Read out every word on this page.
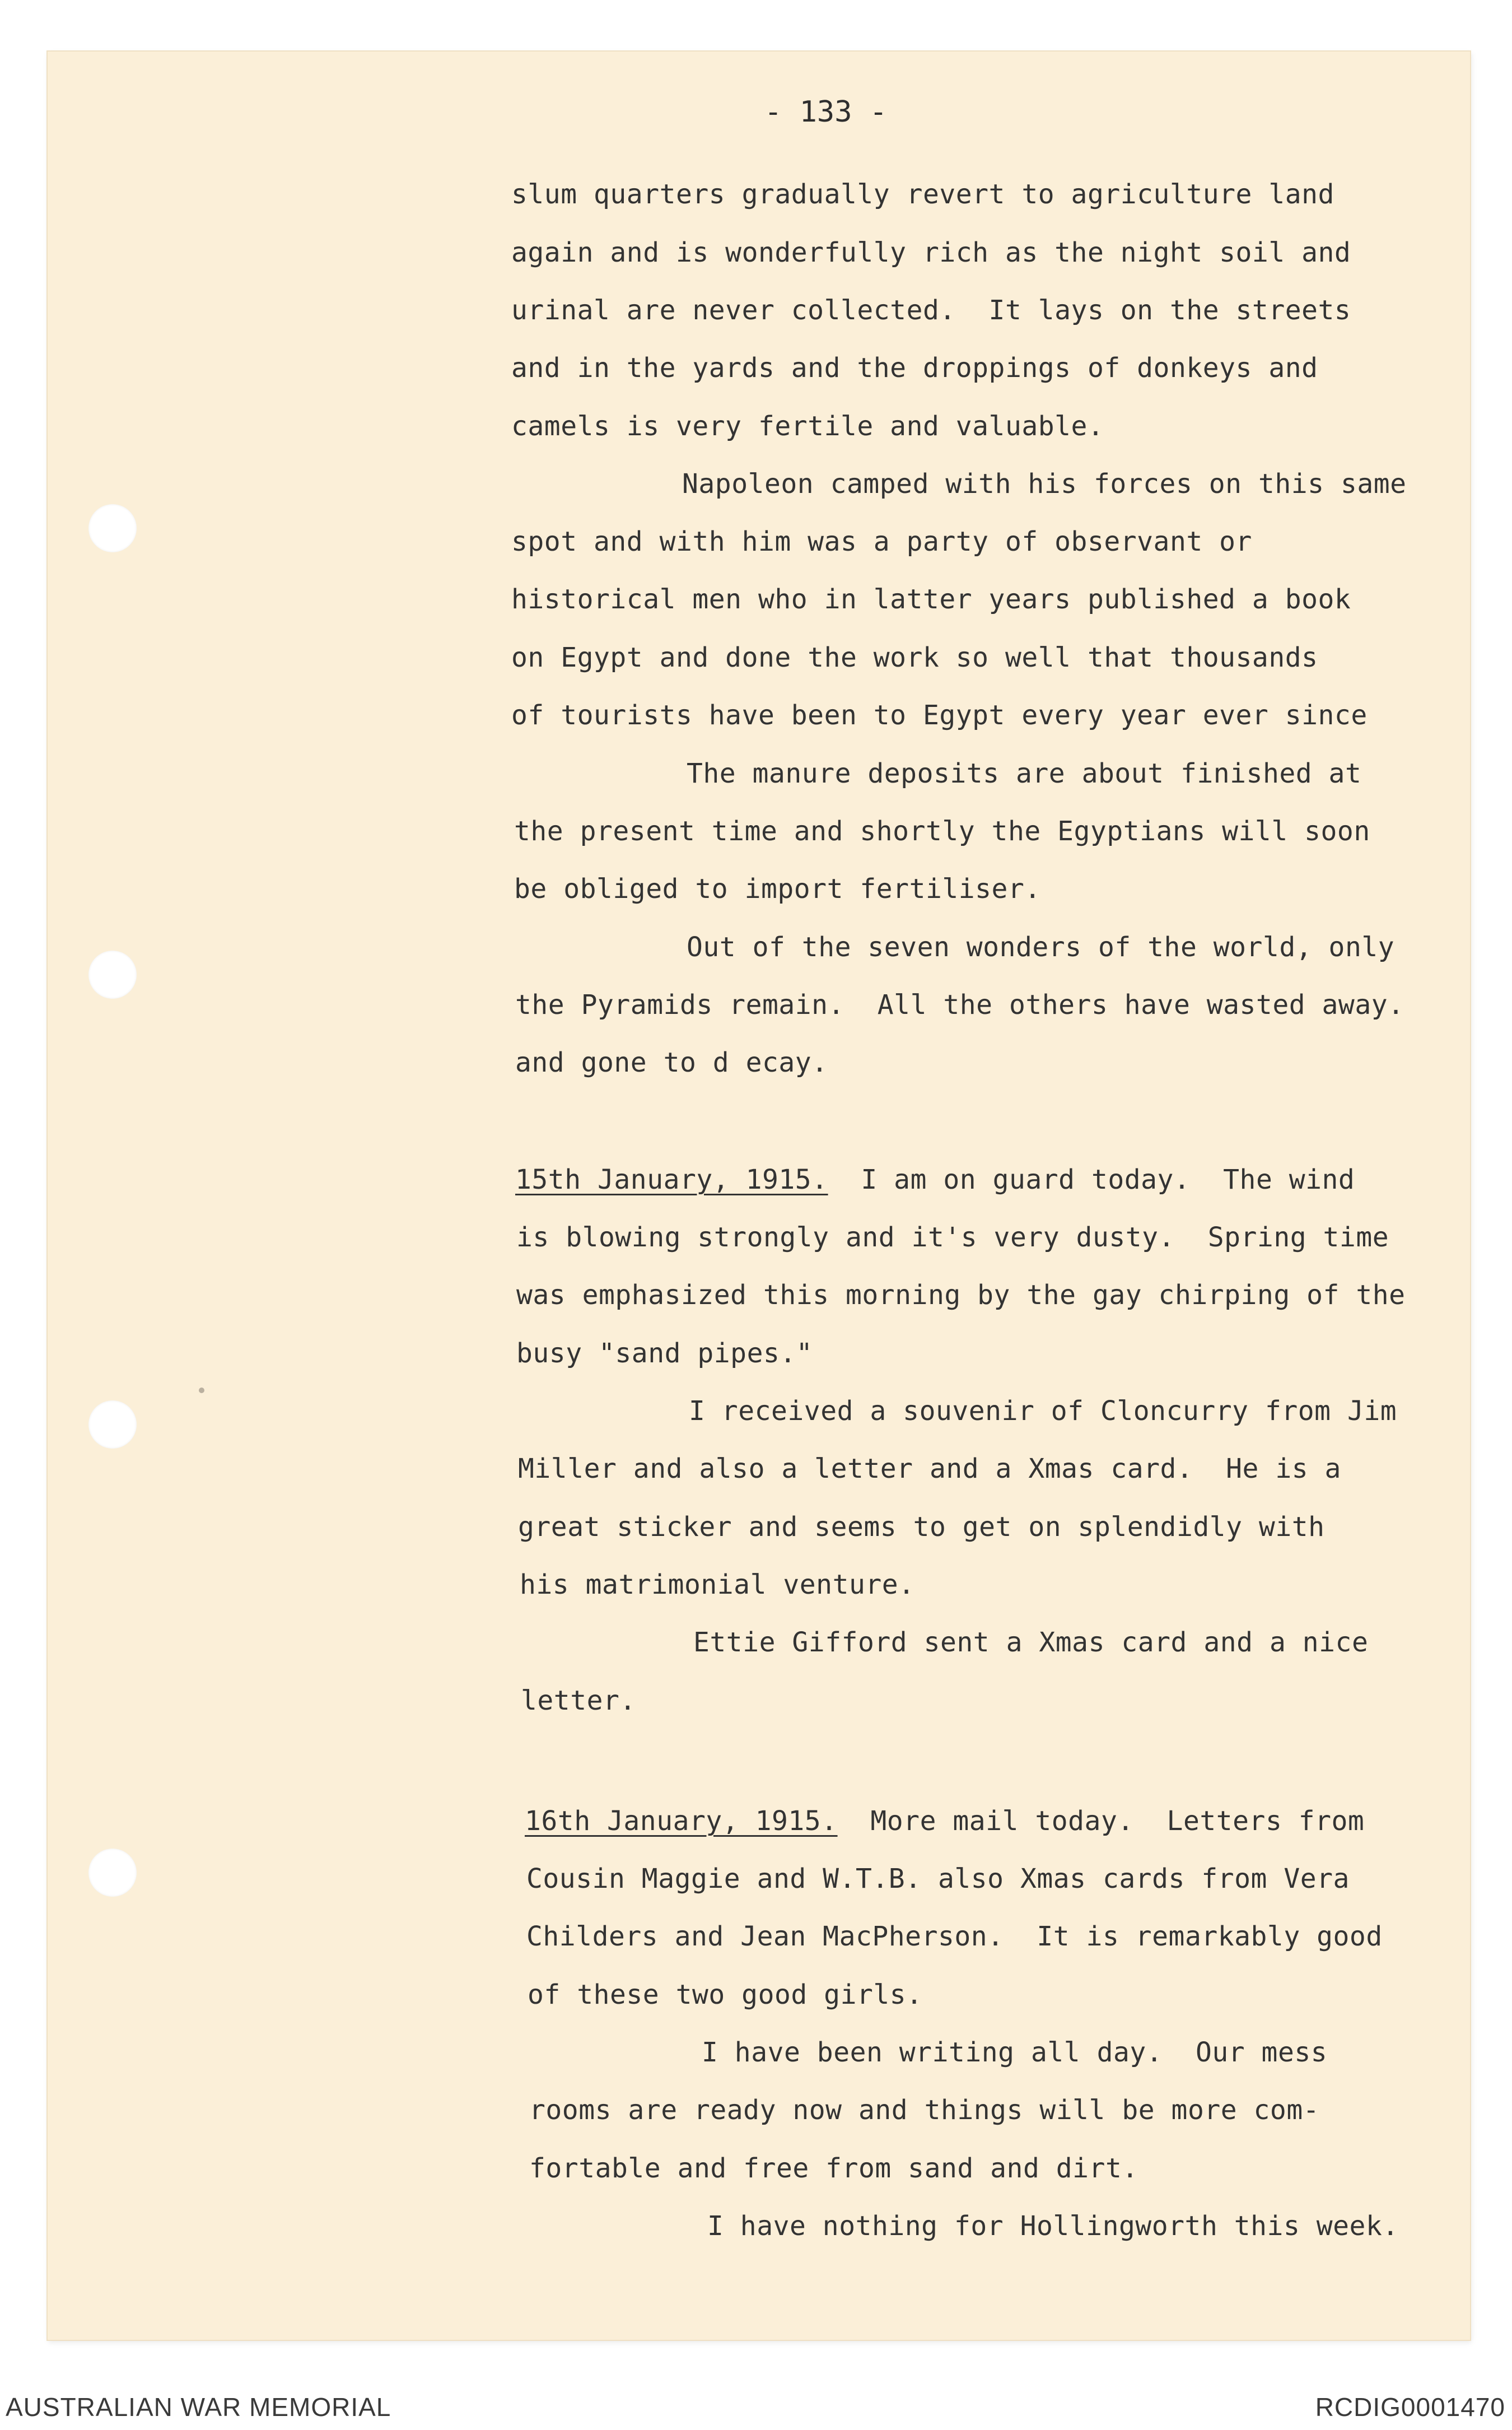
- 133 -
slum quarters gradually revert to agriculture land
again and is wonderfully rich as the night soil and
urinal are never collected.  It lays on the streets
and in the yards and the droppings of donkeys and
camels is very fertile and valuable.
Napoleon camped with his forces on this same
spot and with him was a party of observant or
historical men who in latter years published a book
on Egypt and done the work so well that thousands
of tourists have been to Egypt every year ever since
The manure deposits are about finished at
the present time and shortly the Egyptians will soon
be obliged to import fertiliser.
Out of the seven wonders of the world, only
the Pyramids remain.  All the others have wasted away.
and gone to d ecay.
15th January, 1915. I am on guard today.  The wind
is blowing strongly and it's very dusty.  Spring time
was emphasized this morning by the gay chirping of the
busy "sand pipes."
I received a souvenir of Cloncurry from Jim
Miller and also a letter and a Xmas card.  He is a
great sticker and seems to get on splendidly with
his matrimonial venture.
Ettie Gifford sent a Xmas card and a nice
letter.
16th January, 1915. More mail today.  Letters from
Cousin Maggie and W.T.B. also Xmas cards from Vera
Childers and Jean MacPherson.  It is remarkably good
of these two good girls.
I have been writing all day.  Our mess
rooms are ready now and things will be more com-
fortable and free from sand and dirt.
I have nothing for Hollingworth this week.
AUSTRALIAN WAR MEMORIAL	RCDIG0001470
